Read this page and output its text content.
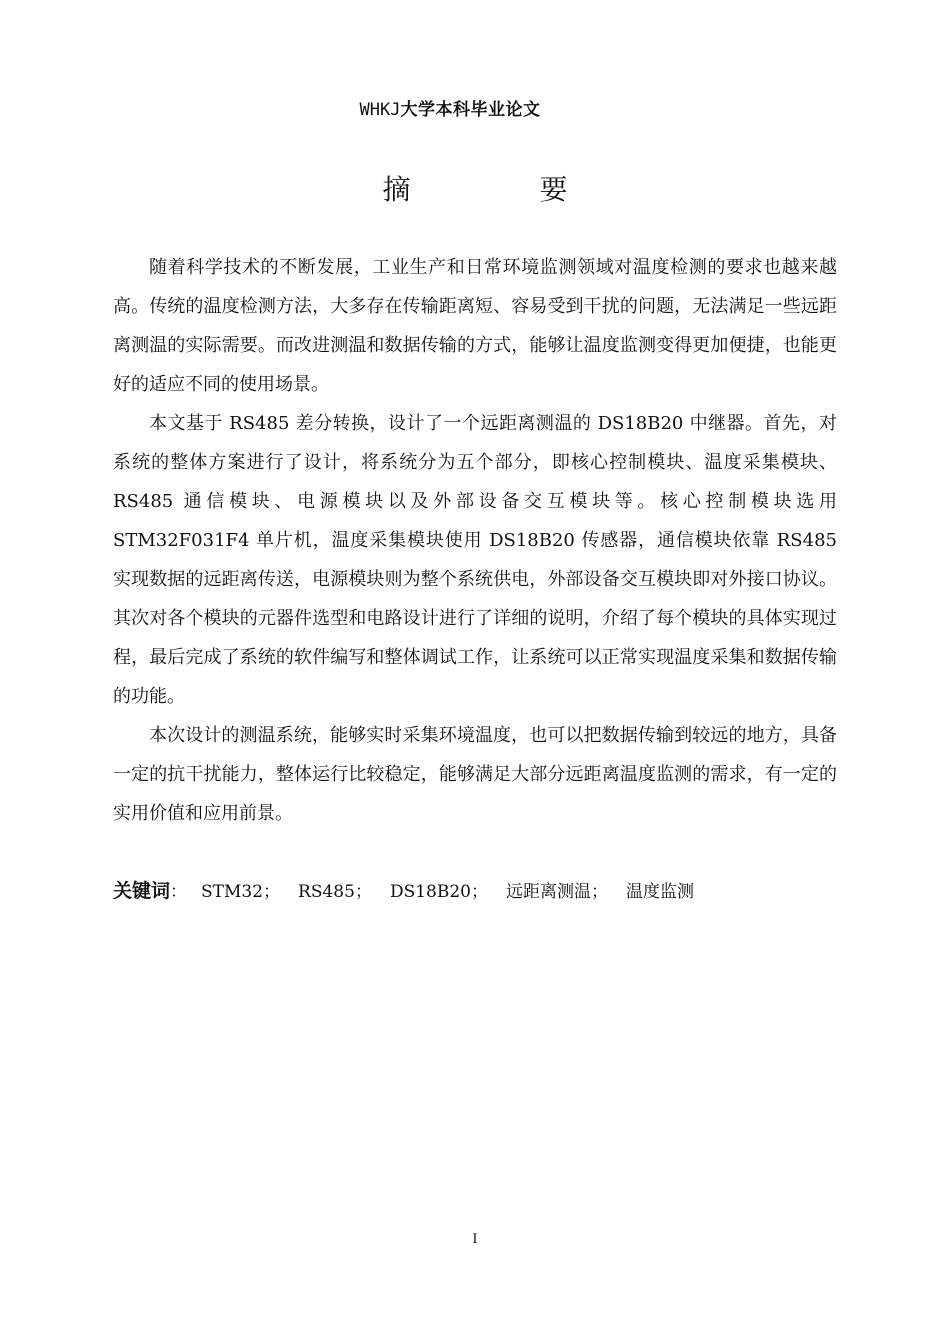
WHKJ大学本科毕业论文
摘 要

随着科学技术的不断发展，工业生产和日常环境监测领域对温度检测的要求也越来越高。传统的温度检测方法，大多存在传输距离短、容易受到干扰的问题，无法满足一些远距离测温的实际需要。而改进测温和数据传输的方式，能够让温度监测变得更加便捷，也能更好的适应不同的使用场景。

本文基于 RS485 差分转换，设计了一个远距离测温的 DS18B20 中继器。首先，对系统的整体方案进行了设计，将系统分为五个部分，即核心控制模块、温度采集模块、RS485 通信模块、电源模块以及外部设备交互模块等。核心控制模块选用 STM32F031F4 单片机，温度采集模块使用 DS18B20 传感器，通信模块依靠 RS485 实现数据的远距离传送，电源模块则为整个系统供电，外部设备交互模块即对外接口协议。其次对各个模块的元器件选型和电路设计进行了详细的说明，介绍了每个模块的具体实现过程，最后完成了系统的软件编写和整体调试工作，让系统可以正常实现温度采集和数据传输的功能。

本次设计的测温系统，能够实时采集环境温度，也可以把数据传输到较远的地方，具备一定的抗干扰能力，整体运行比较稳定，能够满足大部分远距离温度监测的需求，有一定的实用价值和应用前景。

关键词： STM32； RS485； DS18B20； 远距离测温； 温度监测
I
